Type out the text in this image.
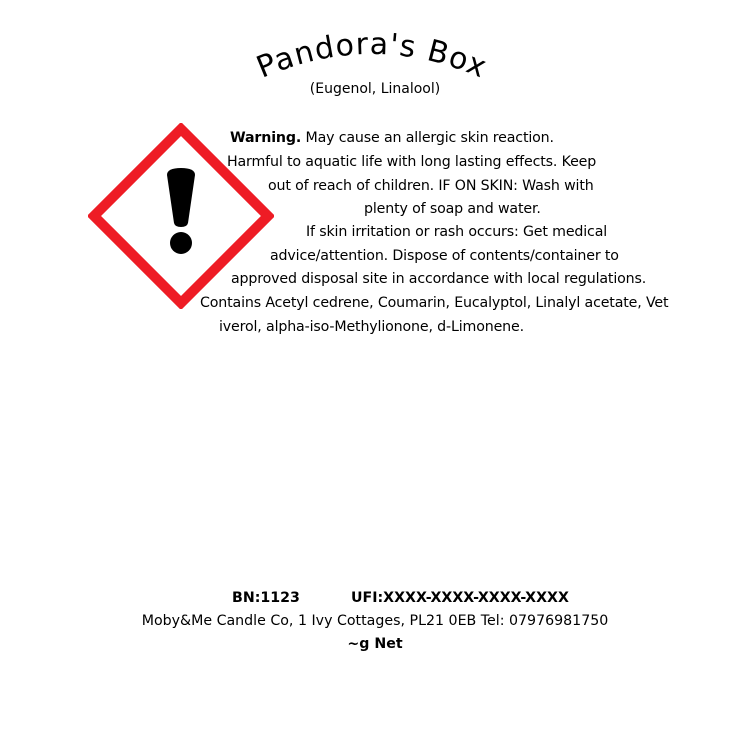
Pandora's Box
(Eugenol, Linalool)
Warning. May cause an allergic skin reaction.
Harmful to aquatic life with long lasting effects. Keep
out of reach of children. IF ON SKIN: Wash with
plenty of soap and water.
If skin irritation or rash occurs: Get medical
advice/attention. Dispose of contents/container to
approved disposal site in accordance with local regulations.
Contains Acetyl cedrene, Coumarin, Eucalyptol, Linalyl acetate, Vet
iverol, alpha-iso-Methylionone, d-Limonene.
BN:1123	UFI:XXXX-XXXX-XXXX-XXXX
Moby&Me Candle Co, 1 Ivy Cottages, PL21 0EB Tel: 07976981750
~g Net
